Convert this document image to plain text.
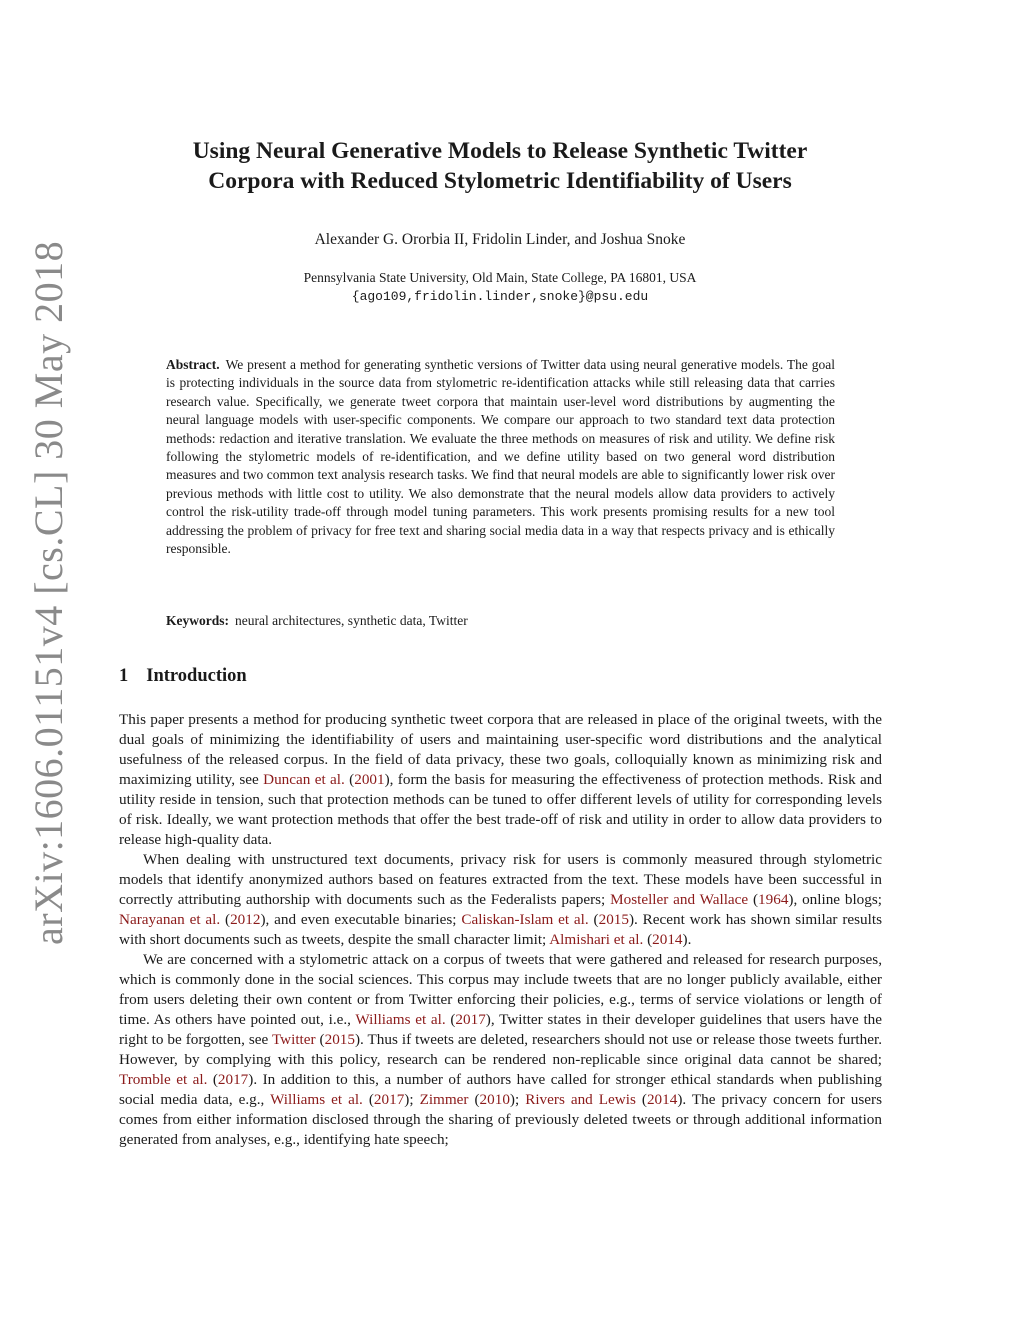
arXiv:1606.01151v4 [cs.CL] 30 May 2018
Using Neural Generative Models to Release Synthetic Twitter
Corpora with Reduced Stylometric Identifiability of Users
Alexander G. Ororbia II, Fridolin Linder, and Joshua Snoke
Pennsylvania State University, Old Main, State College, PA 16801, USA
{ago109,fridolin.linder,snoke}@psu.edu
Abstract. We present a method for generating synthetic versions of Twitter data using neural generative models. The goal is protecting individuals in the source data from stylometric re-identification attacks while still releasing data that carries research value. Specifically, we generate tweet corpora that maintain user-level word distributions by augmenting the neural language models with user-specific components. We compare our approach to two standard text data protection methods: redaction and iterative translation. We evaluate the three methods on measures of risk and utility. We define risk following the stylometric models of re-identification, and we define utility based on two general word distribution measures and two common text analysis research tasks. We find that neural models are able to significantly lower risk over previous methods with little cost to utility. We also demonstrate that the neural models allow data providers to actively control the risk-utility trade-off through model tuning parameters. This work presents promising results for a new tool addressing the problem of privacy for free text and sharing social media data in a way that respects privacy and is ethically responsible.
Keywords: neural architectures, synthetic data, Twitter
1 Introduction

This paper presents a method for producing synthetic tweet corpora that are released in place of the original tweets, with the dual goals of minimizing the identifiability of users and maintaining user-specific word distributions and the analytical usefulness of the released corpus. In the field of data privacy, these two goals, colloquially known as minimizing risk and maximizing utility, see Duncan et al. (2001), form the basis for measuring the effectiveness of protection methods. Risk and utility reside in tension, such that protection methods can be tuned to offer different levels of utility for corresponding levels of risk. Ideally, we want protection methods that offer the best trade-off of risk and utility in order to allow data providers to release high-quality data.

When dealing with unstructured text documents, privacy risk for users is commonly measured through stylometric models that identify anonymized authors based on features extracted from the text. These models have been successful in correctly attributing authorship with documents such as the Federalists papers; Mosteller and Wallace (1964), online blogs; Narayanan et al. (2012), and even executable binaries; Caliskan-Islam et al. (2015). Recent work has shown similar results with short documents such as tweets, despite the small character limit; Almishari et al. (2014).

We are concerned with a stylometric attack on a corpus of tweets that were gathered and released for research purposes, which is commonly done in the social sciences. This corpus may include tweets that are no longer publicly available, either from users deleting their own content or from Twitter enforcing their policies, e.g., terms of service violations or length of time. As others have pointed out, i.e., Williams et al. (2017), Twitter states in their developer guidelines that users have the right to be forgotten, see Twitter (2015). Thus if tweets are deleted, researchers should not use or release those tweets further. However, by complying with this policy, research can be rendered non-replicable since original data cannot be shared; Tromble et al. (2017). In addition to this, a number of authors have called for stronger ethical standards when publishing social media data, e.g., Williams et al. (2017); Zimmer (2010); Rivers and Lewis (2014). The privacy concern for users comes from either information disclosed through the sharing of previously deleted tweets or through additional information generated from analyses, e.g., identifying hate speech;
